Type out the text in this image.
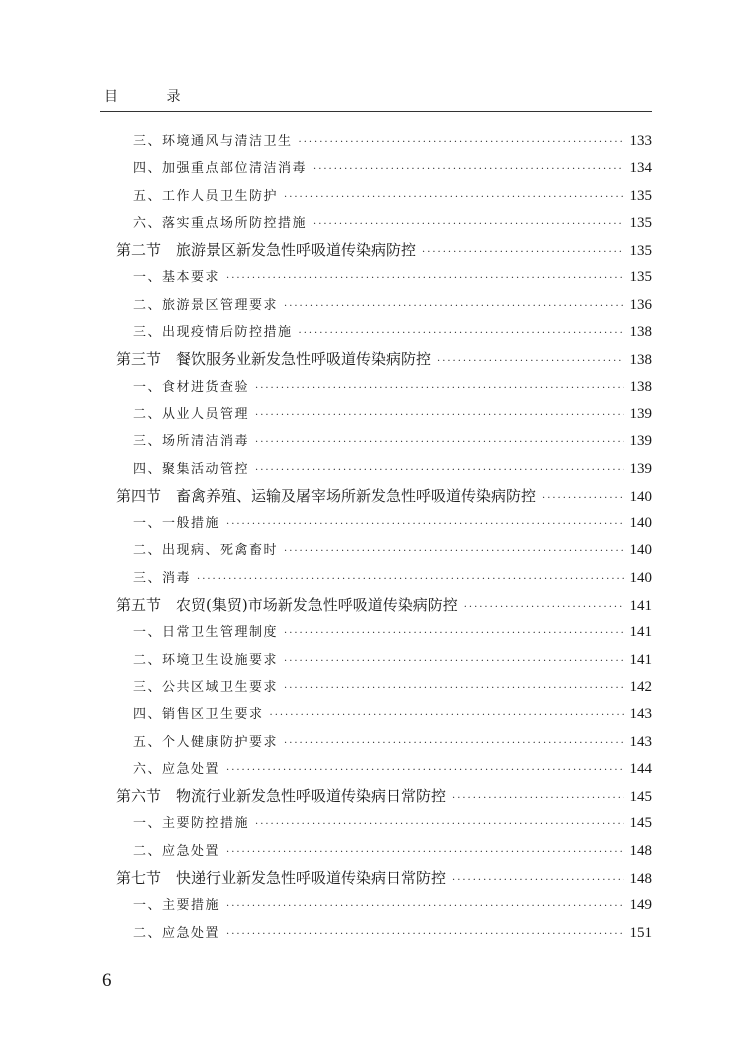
目 录
三、环境通风与清洁卫生 ·····	133
四、加强重点部位清洁消毒 ·····	134
五、工作人员卫生防护 ·····	135
六、落实重点场所防控措施 ·····	135
第二节 旅游景区新发急性呼吸道传染病防控 ·····	135
一、基本要求 ·····	135
二、旅游景区管理要求 ·····	136
三、出现疫情后防控措施 ·····	138
第三节 餐饮服务业新发急性呼吸道传染病防控 ·····	138
一、食材进货查验 ·····	138
二、从业人员管理 ·····	139
三、场所清洁消毒 ·····	139
四、聚集活动管控 ·····	139
第四节 畜禽养殖、运输及屠宰场所新发急性呼吸道传染病防控 ·····	140
一、一般措施 ·····	140
二、出现病、死禽畜时 ·····	140
三、消毒 ·····	140
第五节 农贸(集贸)市场新发急性呼吸道传染病防控 ·····	141
一、日常卫生管理制度 ·····	141
二、环境卫生设施要求 ·····	141
三、公共区域卫生要求 ·····	142
四、销售区卫生要求 ·····	143
五、个人健康防护要求 ·····	143
六、应急处置 ·····	144
第六节 物流行业新发急性呼吸道传染病日常防控 ·····	145
一、主要防控措施 ·····	145
二、应急处置 ·····	148
第七节 快递行业新发急性呼吸道传染病日常防控 ·····	148
一、主要措施 ·····	149
二、应急处置 ·····	151
6
